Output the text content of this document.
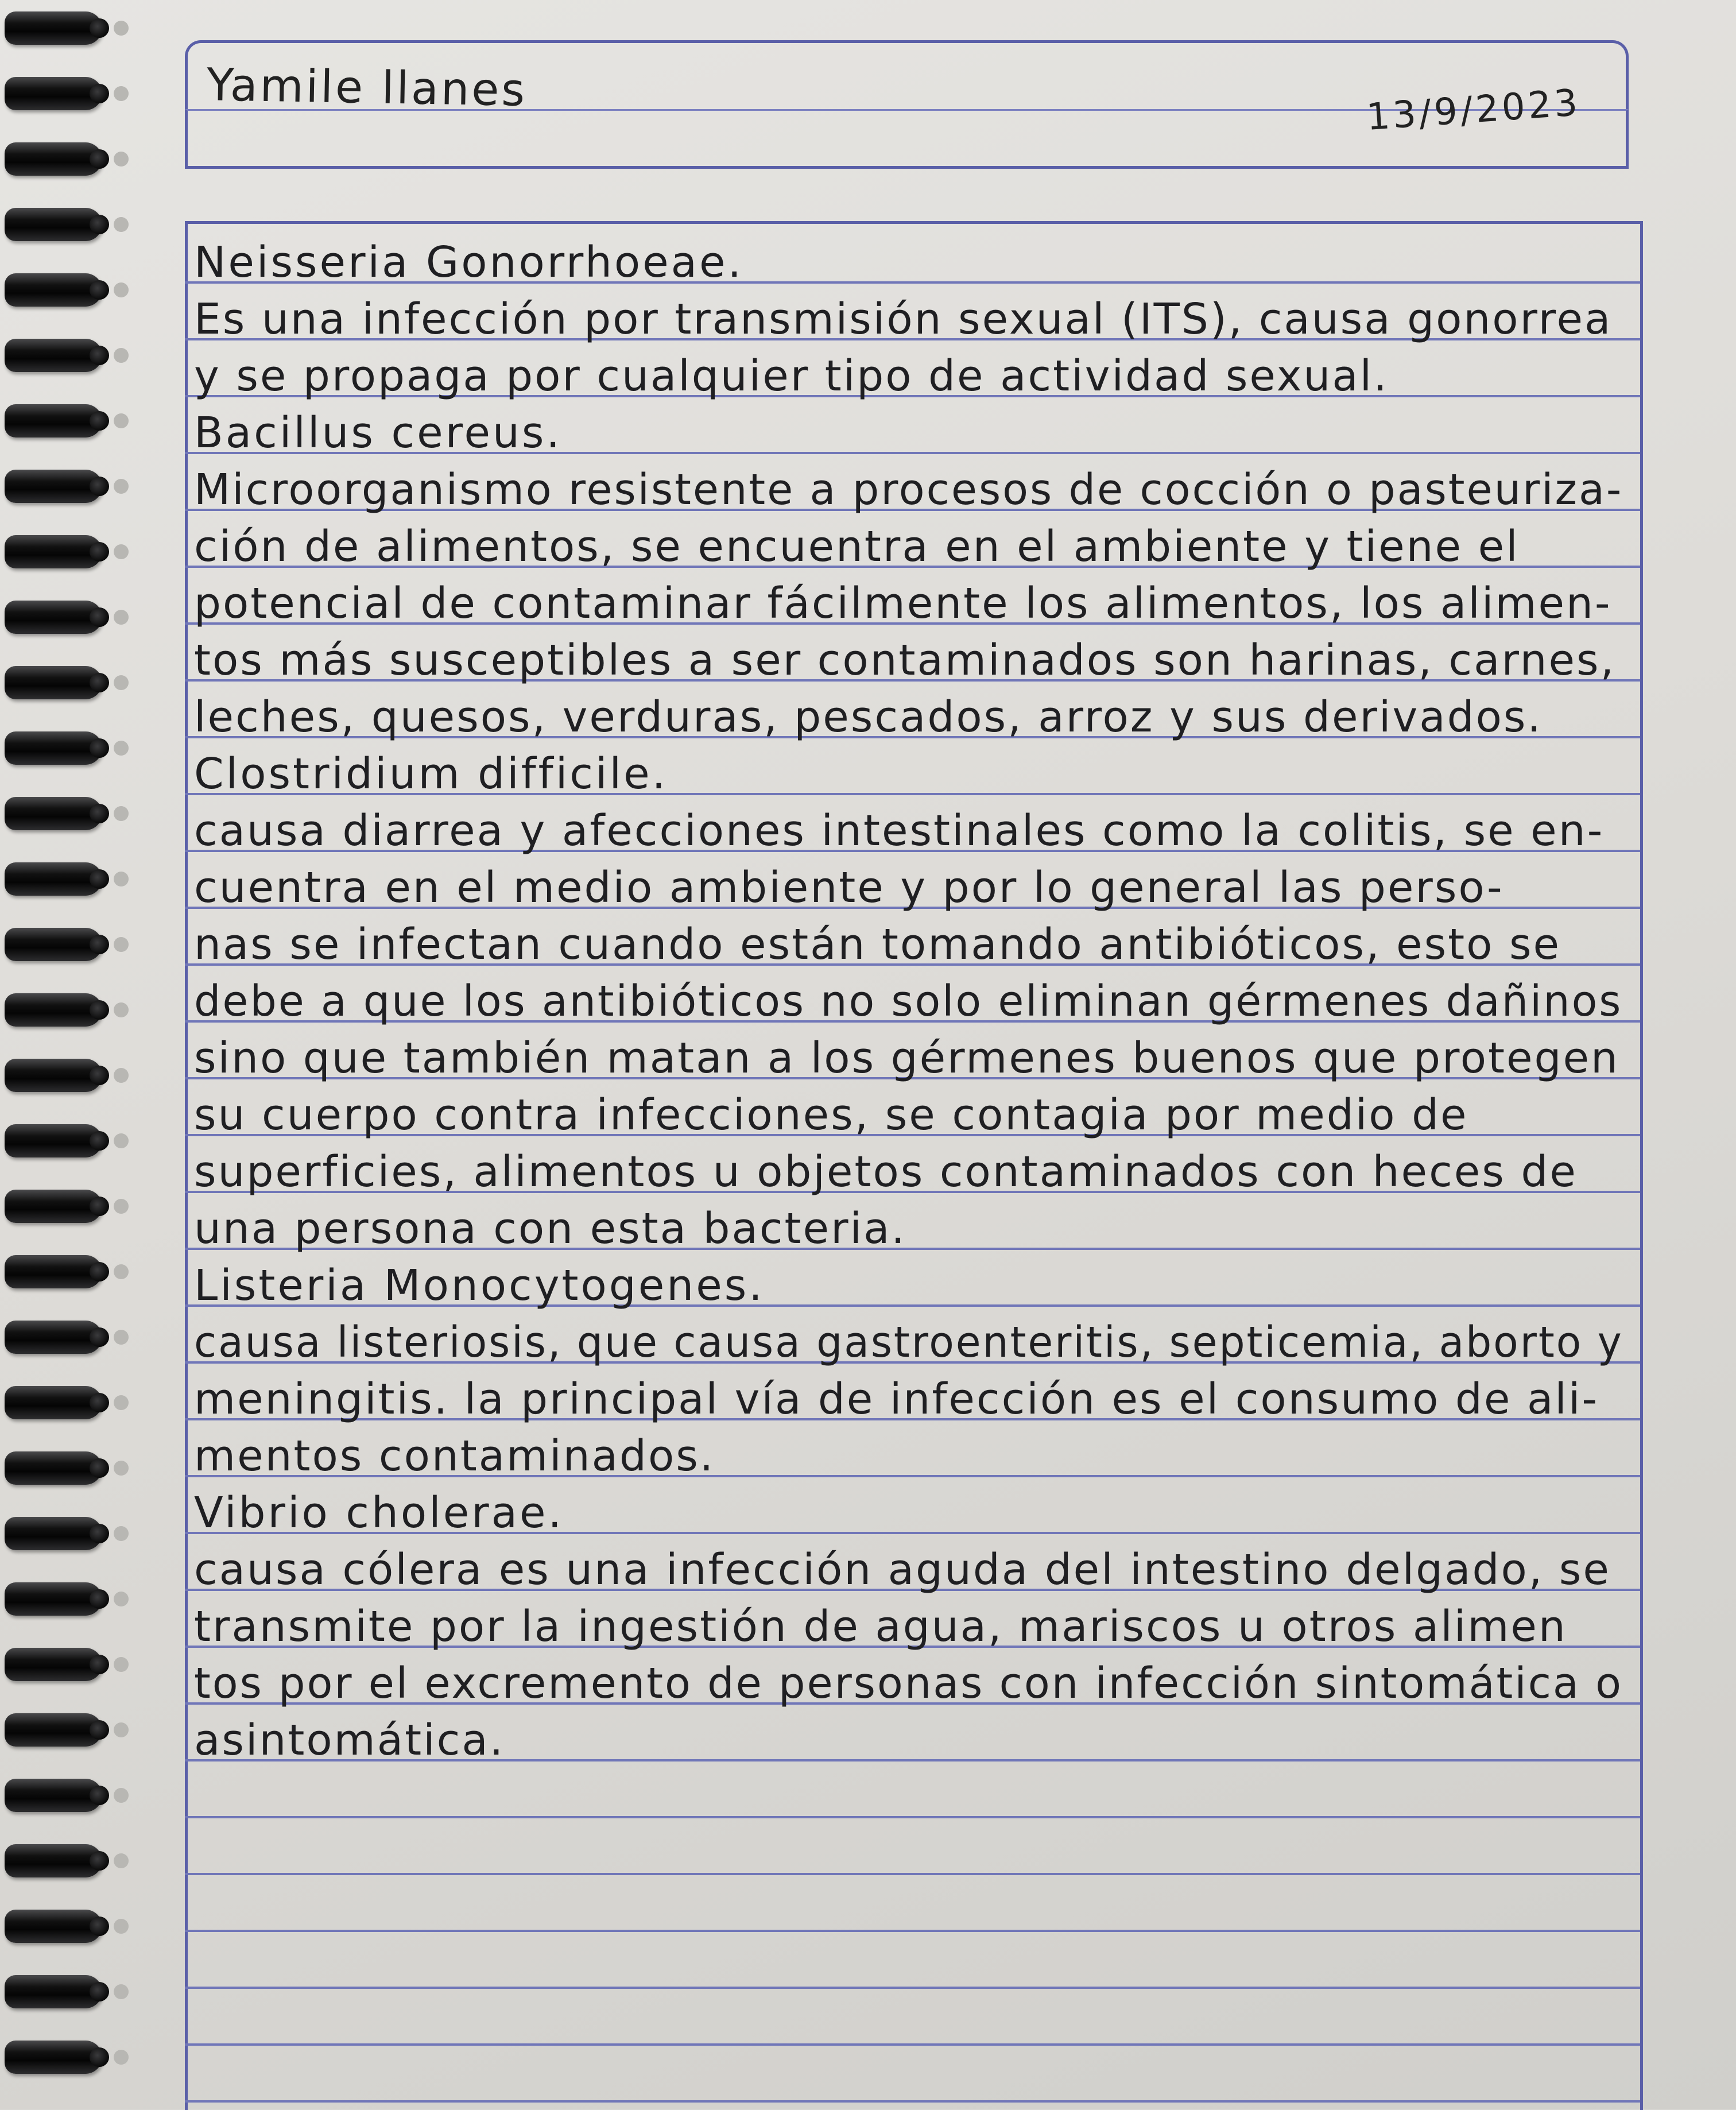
Yamile llanes	13/9/2023
Neisseria Gonorrhoeae.
Es una infección por transmisión sexual (ITS), causa gonorrea
y se propaga por cualquier tipo de actividad sexual.
Bacillus cereus.
Microorganismo resistente a procesos de cocción o pasteuriza-
ción de alimentos, se encuentra en el ambiente y tiene el
potencial de contaminar fácilmente los alimentos, los alimen-
tos más susceptibles a ser contaminados son harinas, carnes,
leches, quesos, verduras, pescados, arroz y sus derivados.
Clostridium difficile.
causa diarrea y afecciones intestinales como la colitis, se en-
cuentra en el medio ambiente y por lo general las perso-
nas se infectan cuando están tomando antibióticos, esto se
debe a que los antibióticos no solo eliminan gérmenes dañinos
sino que también matan a los gérmenes buenos que protegen
su cuerpo contra infecciones, se contagia por medio de
superficies, alimentos u objetos contaminados con heces de
una persona con esta bacteria.
Listeria Monocytogenes.
causa listeriosis, que causa gastroenteritis, septicemia, aborto y
meningitis. la principal vía de infección es el consumo de ali-
mentos contaminados.
Vibrio cholerae.
causa cólera es una infección aguda del intestino delgado, se
transmite por la ingestión de agua, mariscos u otros alimen
tos por el excremento de personas con infección sintomática o
asintomática.
